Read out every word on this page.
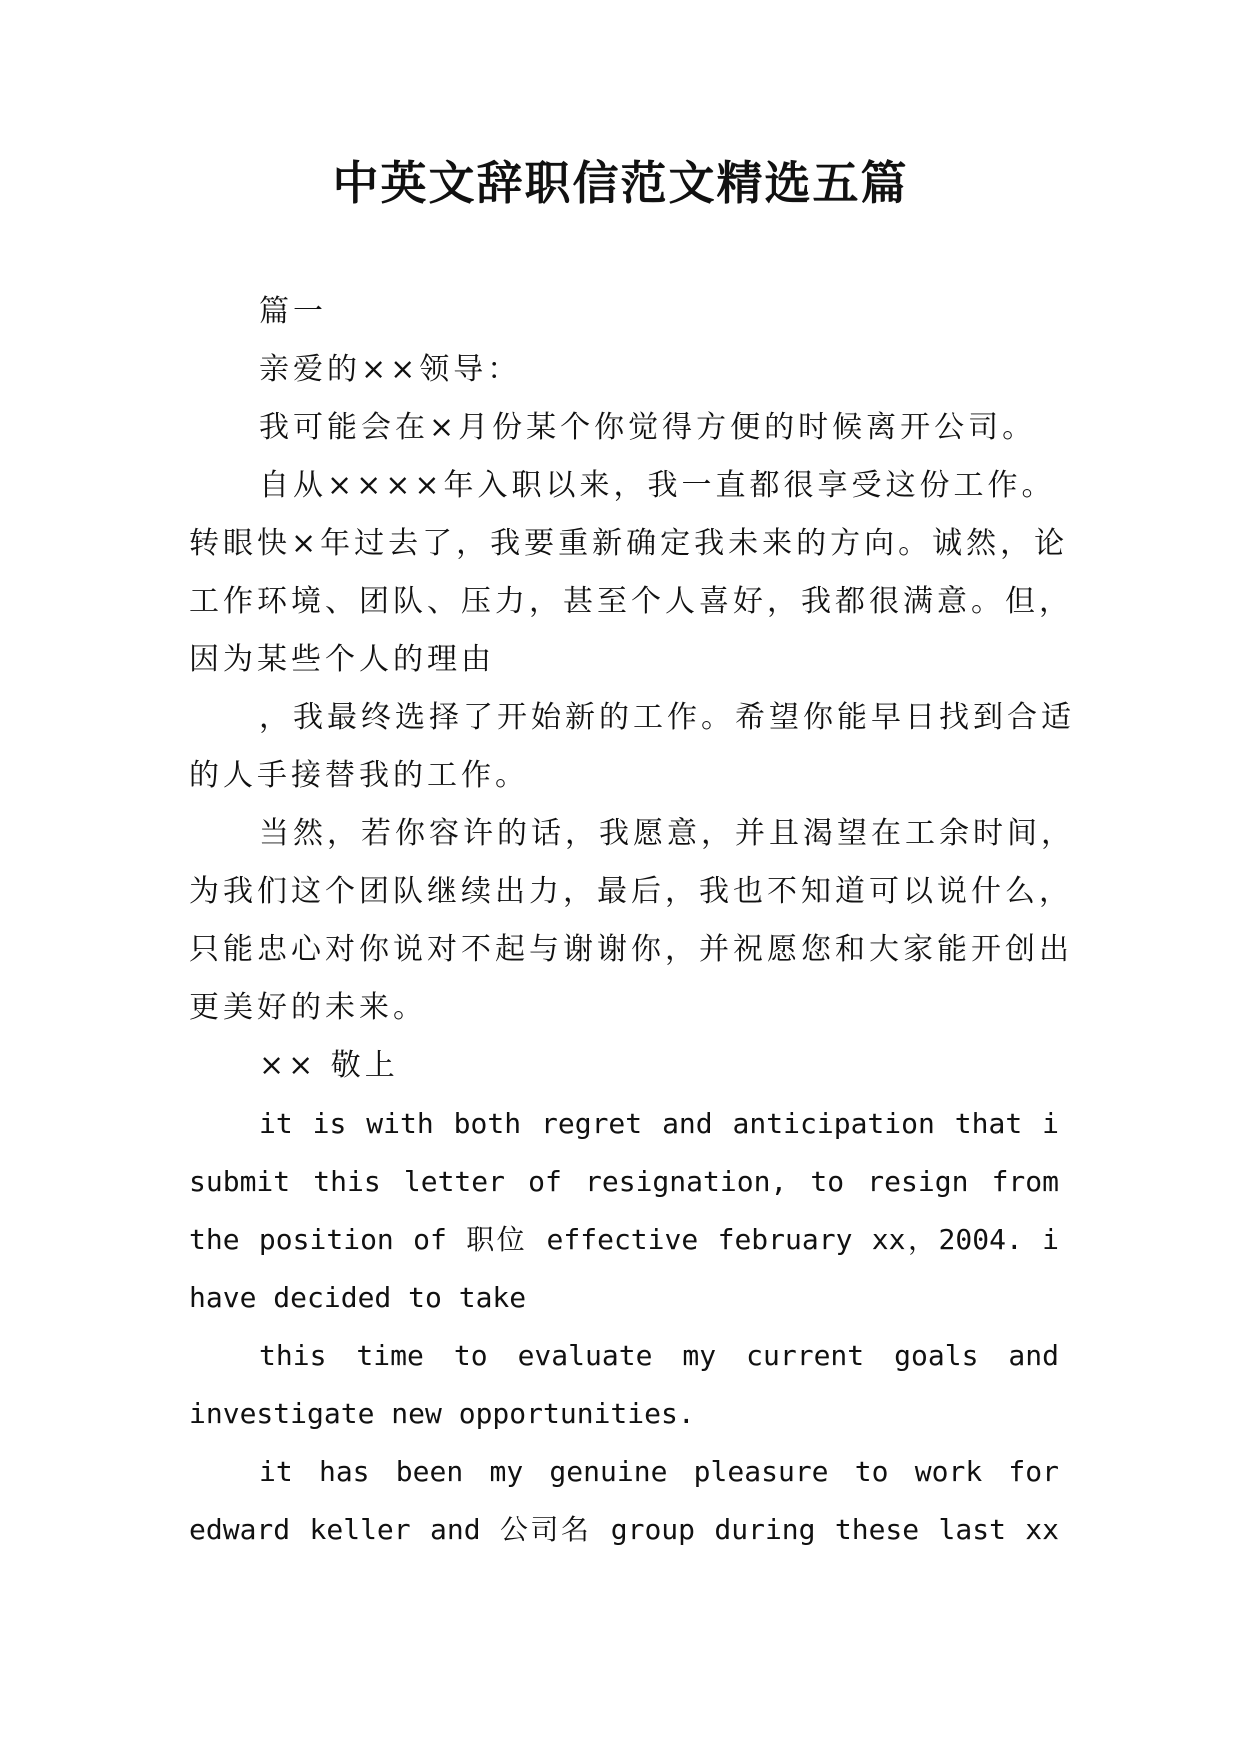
中英文辞职信范文精选五篇
篇一
亲爱的××领导：
我可能会在×月份某个你觉得方便的时候离开公司。
自从××××年入职以来，我一直都很享受这份工作。
转眼快×年过去了，我要重新确定我未来的方向。诚然，论
工作环境、团队、压力，甚至个人喜好，我都很满意。但，
因为某些个人的理由
，我最终选择了开始新的工作。希望你能早日找到合适
的人手接替我的工作。
当然，若你容许的话，我愿意，并且渴望在工余时间，
为我们这个团队继续出力，最后，我也不知道可以说什么，
只能忠心对你说对不起与谢谢你，并祝愿您和大家能开创出
更美好的未来。
×× 敬上
it is with both regret and anticipation that i
submit this letter of resignation, to resign from
the position of 职位 effective february xx，2004. i
have decided to take
this time to evaluate my current goals and
investigate new opportunities.
it has been my genuine pleasure to work for
edward keller and 公司名 group during these last xx
